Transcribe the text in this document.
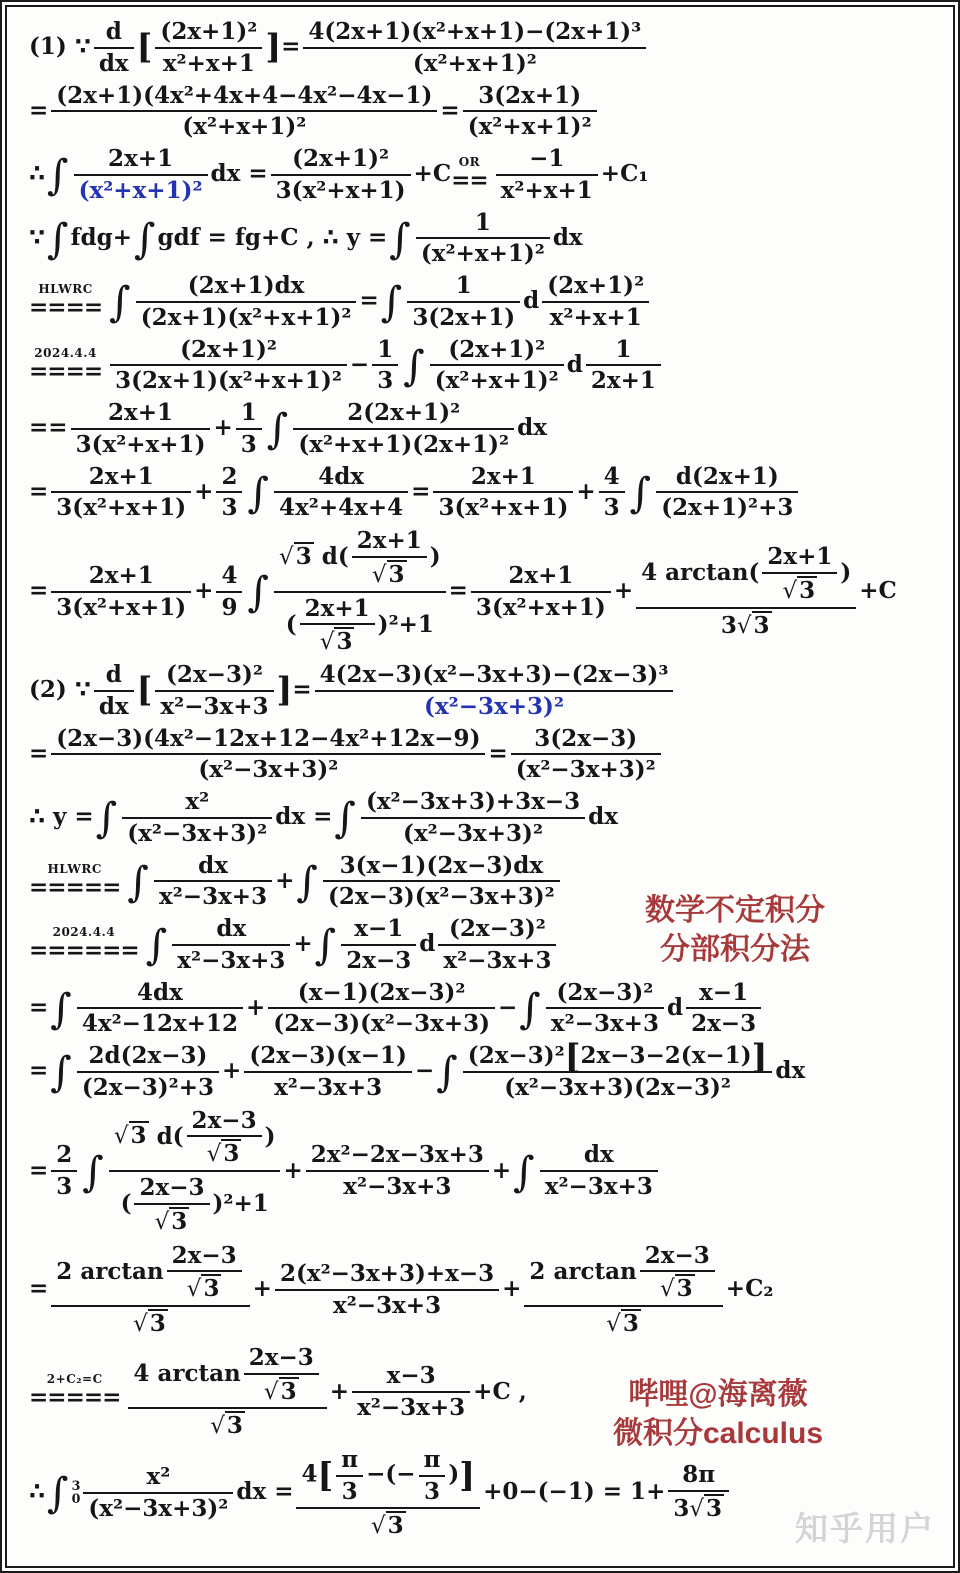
(1) ∵ $\frac{d}{dx}$ [ $\frac{\text{(2x+1)²}}{\text{x²+x+1}}$ ] = $\frac{\text{4(2x+1)(x²+x+1)−(2x+1)³}}{\text{(x²+x+1)²}}$
= $\frac{\text{(2x+1)(4x²+4x+4−4x²−4x−1)}}{\text{(x²+x+1)²}} = \frac{3(2x+1)}{\text{(x²+x+1)²}}$
∴ ∫ $\frac{2x+1}{\text{(x²+x+1)²}}$ dx = $\frac{\text{(2x+1)²}}{\text{3(x²+x+1)}} +C$ OR
== $\frac{-1}{\text{x²+x+1}} +C_1$
∵ ∫ fdg+ ∫ gdf = fg+C , ∴ y = ∫ $\frac{1}{\text{(x²+x+1)²}}$ dx
HLWRC
==== ∫ $\frac{(2x+1)dx}{\text{(2x+1)(x²+x+1)²}}$ = ∫ $\frac{1}{3(2x+1)}$ d $\frac{\text{(2x+1)²}}{\text{x²+x+1}}$
2024.4.4
==== $\frac{\text{(2x+1)²}}{\text{3(2x+1)(x²+x+1)²}} - \frac{1}{3}$ ∫ $\frac{\text{(2x+1)²}}{\text{(x²+x+1)²}}$ d $\frac{1}{2x+1}$
== $\frac{2x+1}{\text{3(x²+x+1)}} + \frac{1}{3}$ ∫ $\frac{\text{2(2x+1)²}}{\text{(x²+x+1)(2x+1)²}}$ dx
= $\frac{2x+1}{\text{3(x²+x+1)}} + \frac{2}{3}$ ∫ $\frac{4dx}{\text{4x²+4x+4}} = \frac{2x+1}{\text{3(x²+x+1)}} + \frac{4}{3}$ ∫ $\frac{d(2x+1)}{\text{(2x+1)²+3}}$
= $\frac{2x+1}{\text{3(x²+x+1)}} + \frac{4}{9}$ ∫ $\frac{√3 d( \frac{2x+1}{√3} )}{( \frac{2x+1}{√3} )^2+1} = \frac{2x+1}{\text{3(x²+x+1)}} + \frac{4 \arctan( \frac{2x+1}{√3} )}{3√3} +C$
(2) ∵ $\frac{d}{dx}$ [ $\frac{\text{(2x−3)²}}{\text{x²−3x+3}}$ ] = $\frac{\text{4(2x−3)(x²−3x+3)−(2x−3)³}}{\text{(x²−3x+3)²}}$
= $\frac{\text{(2x−3)(4x²−12x+12−4x²+12x−9)}}{\text{(x²−3x+3)²}} = \frac{3(2x-3)}{\text{(x²−3x+3)²}}$
∴ y = ∫ $\frac{\text{x²}}{\text{(x²−3x+3)²}}$ dx = ∫ $\frac{\text{(x²−3x+3)+3x−3}}{\text{(x²−3x+3)²}}$ dx
HLWRC
===== ∫ $\frac{dx}{\text{x²−3x+3}}$ + ∫ $\frac{3(x-1)(2x-3)dx}{\text{(2x−3)(x²−3x+3)²}}$
2024.4.4
====== ∫ $\frac{dx}{\text{x²−3x+3}}$ + ∫ $\frac{x-1}{2x-3}$ d $\frac{\text{(2x−3)²}}{\text{x²−3x+3}}$
= ∫ $\frac{4dx}{\text{4x²−12x+12}} + \frac{\text{(x−1)(2x−3)²}}{\text{(2x−3)(x²−3x+3)}}$ − ∫ $\frac{\text{(2x−3)²}}{\text{x²−3x+3}}$ d $\frac{x-1}{2x-3}$
= ∫ $\frac{2d(2x-3)}{\text{(2x−3)²+3}} + \frac{(2x-3)(x-1)}{\text{x²−3x+3}}$ − ∫ $\frac{\text{(2x−3)²[2x−3−2(x−1)]}}{\text{(x²−3x+3)(2x−3)²}}$ dx
= $\frac{2}{3}$ ∫ $\frac{√3 d( \frac{2x-3}{√3} )}{( \frac{2x-3}{√3} )^2+1} + \frac{\text{2x²−2x−3x+3}}{\text{x²−3x+3}}$ + ∫ $\frac{dx}{\text{x²−3x+3}}$
= $\frac{2 \arctan \frac{2x-3}{√3}}{√3} + \frac{\text{2(x²−3x+3)+x−3}}{\text{x²−3x+3}} + \frac{2 \arctan \frac{2x-3}{√3}}{√3} +C_2$
2+C₂=C
===== $\frac{4 \arctan \frac{2x-3}{√3}}{√3} + \frac{x-3}{\text{x²−3x+3}} +C$ ,
∴ ∫ 3
$0 \frac{\text{x²}}{\text{(x²−3x+3)²}}$ dx = $\frac{4[ \frac{\pi}{3} -(- \frac{\pi}{3} )]}{√3} +0-(-1) = 1+ \frac{8\pi}{3√3}$
数学不定积分
分部积分法
哔哩@海离薇
微积分calculus
知乎用户
